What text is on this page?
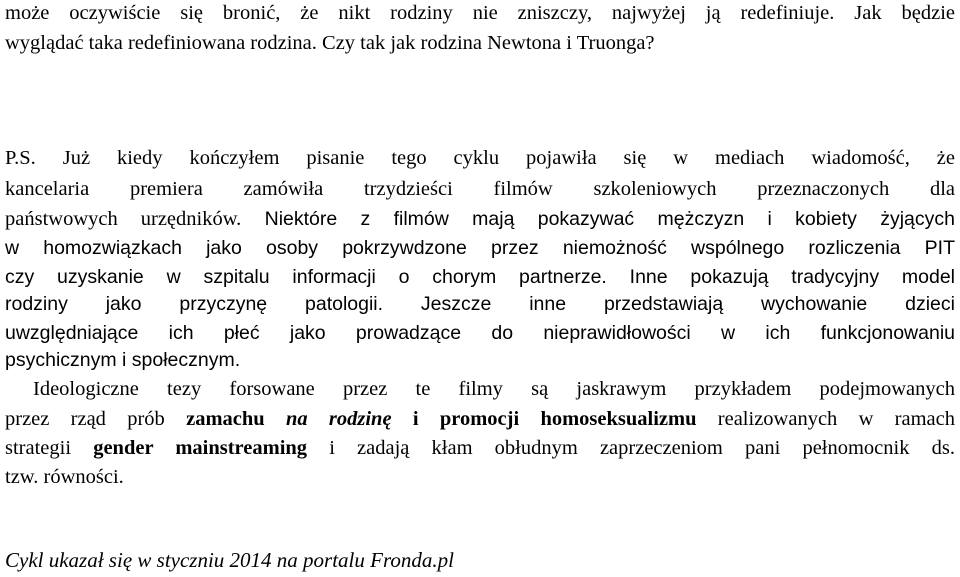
może oczywiście się bronić, że nikt rodziny nie zniszczy, najwyżej ją redefiniuje. Jak będzie
wyglądać taka redefiniowana rodzina. Czy tak jak rodzina Newtona i Truonga?
P.S. Już kiedy kończyłem pisanie tego cyklu pojawiła się w mediach wiadomość, że
kancelaria premiera zamówiła trzydzieści filmów szkoleniowych przeznaczonych dla
państwowych urzędników. Niektóre z filmów mają pokazywać mężczyzn i kobiety żyjących
w homozwiązkach jako osoby pokrzywdzone przez niemożność wspólnego rozliczenia PIT
czy uzyskanie w szpitalu informacji o chorym partnerze. Inne pokazują tradycyjny model
rodziny jako przyczynę patologii. Jeszcze inne przedstawiają wychowanie dzieci
uwzględniające ich płeć jako prowadzące do nieprawidłowości w ich funkcjonowaniu
psychicznym i społecznym.
Ideologiczne tezy forsowane przez te filmy są jaskrawym przykładem podejmowanych
przez rząd prób zamachu na rodzinę i promocji homoseksualizmu realizowanych w ramach
strategii gender mainstreaming i zadają kłam obłudnym zaprzeczeniom pani pełnomocnik ds.
tzw. równości.
Cykl ukazał się w styczniu 2014 na portalu Fronda.pl
